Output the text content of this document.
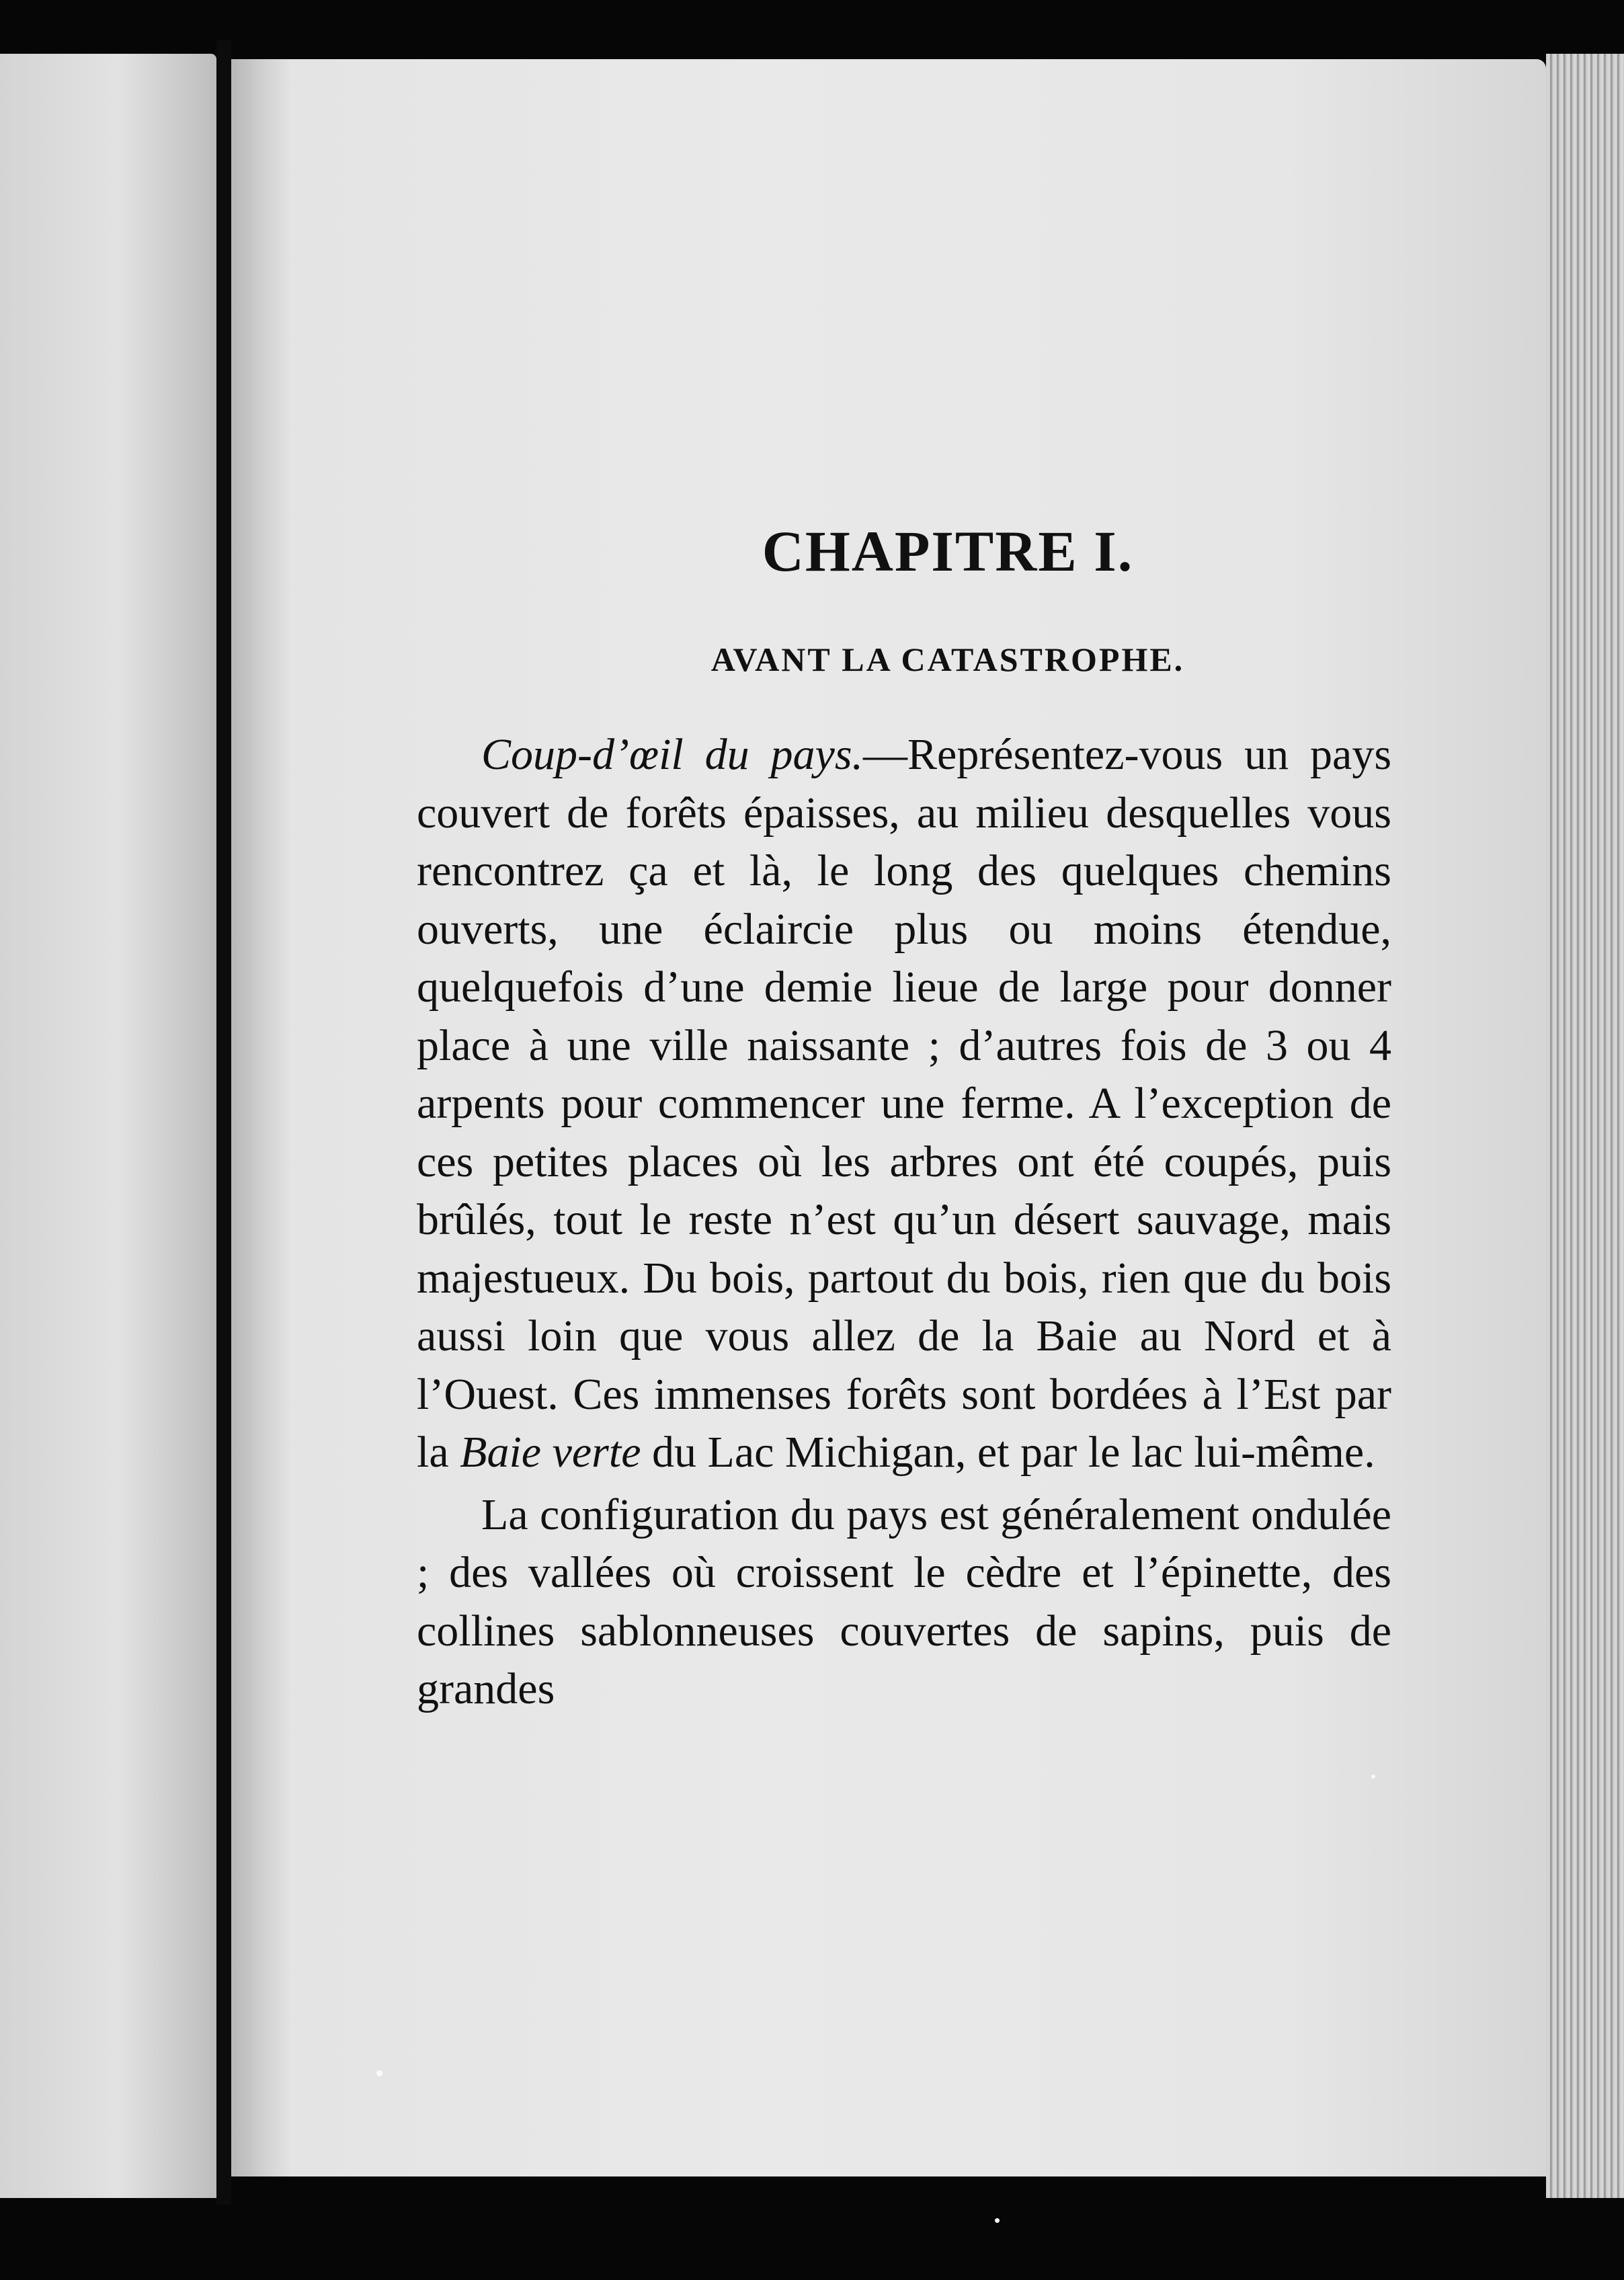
CHAPITRE I.
AVANT LA CATASTROPHE.

Coup-d’œil du pays.—Représentez-vous un pays couvert de forêts épaisses, au milieu desquelles vous rencontrez ça et là, le long des quelques chemins ouverts, une éclaircie plus ou moins étendue, quelquefois d’une demie lieue de large pour donner place à une ville naissante ; d’autres fois de 3 ou 4 arpents pour commencer une ferme. A l’exception de ces petites places où les arbres ont été coupés, puis brûlés, tout le reste n’est qu’un désert sauvage, mais majestueux. Du bois, partout du bois, rien que du bois aussi loin que vous allez de la Baie au Nord et à l’Ouest. Ces immenses forêts sont bordées à l’Est par la Baie verte du Lac Michigan, et par le lac lui-même.

La configuration du pays est généralement ondulée ; des vallées où croissent le cèdre et l’épinette, des collines sablonneuses couvertes de sapins, puis de grandes
